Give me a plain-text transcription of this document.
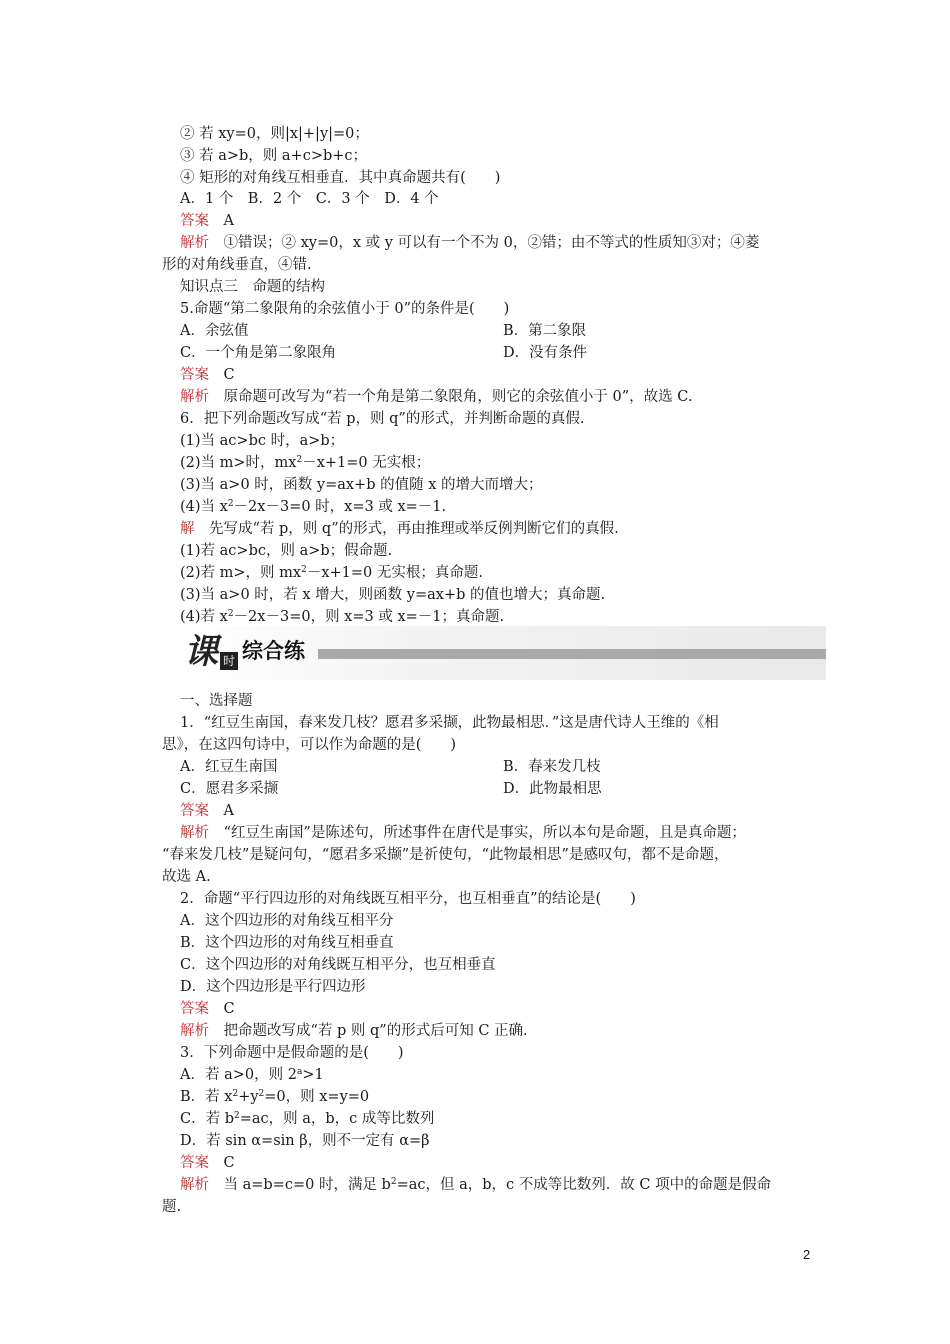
② 若 xy=0，则|x|+|y|=0；
③ 若 a>b，则 a+c>b+c；
④ 矩形的对角线互相垂直．其中真命题共有(　　)
A．1 个　B．2 个　C．3 个　D．4 个
答案　 A
解析　 ①错误；② xy=0，x 或 y 可以有一个不为 0，②错；由不等式的性质知③对；④菱
形的对角线垂直，④错.
知识点三　命题的结构
5.命题“第二象限角的余弦值小于 0”的条件是(　　)
A．余弦值	B．第二象限
C．一个角是第二象限角	D．没有条件
答案　 C
解析　 原命题可改写为“若一个角是第二象限角，则它的余弦值小于 0”，故选 C.
6．把下列命题改写成“若 p，则 q”的形式，并判断命题的真假.
(1)当 ac>bc 时，a>b；
(2)当 m>时，$mx^2-x+1=0$ 无实根；
(3)当 a>0 时，函数 y=ax+b 的值随 x 的增大而增大；
(4)当 $x^2-2x-3=0$ 时，x=3 或 x=－1.
解　 先写成“若 p，则 q”的形式，再由推理或举反例判断它们的真假.
(1)若 ac>bc，则 a>b；假命题.
(2)若 m>，则 $mx^2-x+1=0$ 无实根；真命题.
(3)当 a>0 时，若 x 增大，则函数 y=ax+b 的值也增大；真命题.
(4)若 $x^2-2x-3=0$，则 x=3 或 x=－1；真命题.
课 时 综合练
一、选择题
1．“红豆生南国，春来发几枝？愿君多采撷，此物最相思．”这是唐代诗人王维的《相
思》，在这四句诗中，可以作为命题的是(　　)
A．红豆生南国	B．春来发几枝
C．愿君多采撷	D．此物最相思
答案　 A
解析　 “红豆生南国”是陈述句，所述事件在唐代是事实，所以本句是命题，且是真命题；
“春来发几枝”是疑问句，“愿君多采撷”是祈使句，“此物最相思”是感叹句，都不是命题，
故选 A.
2．命题“平行四边形的对角线既互相平分，也互相垂直”的结论是(　　)
A．这个四边形的对角线互相平分
B．这个四边形的对角线互相垂直
C．这个四边形的对角线既互相平分，也互相垂直
D．这个四边形是平行四边形
答案　 C
解析　 把命题改写成“若 p 则 q”的形式后可知 C 正确.
3．下列命题中是假命题的是(　　)
A．若 a>0，则 $2^a>1$
B．若 $x^2+y^2=0$，则 x=y=0
C．若 $b^2=ac$，则 a，b，c 成等比数列
D．若 sin α=sin β，则不一定有 α=β
答案　 C
解析　 当 a=b=c=0 时，满足 $b^2=ac$，但 a，b，c 不成等比数列．故 C 项中的命题是假命
题.
2
